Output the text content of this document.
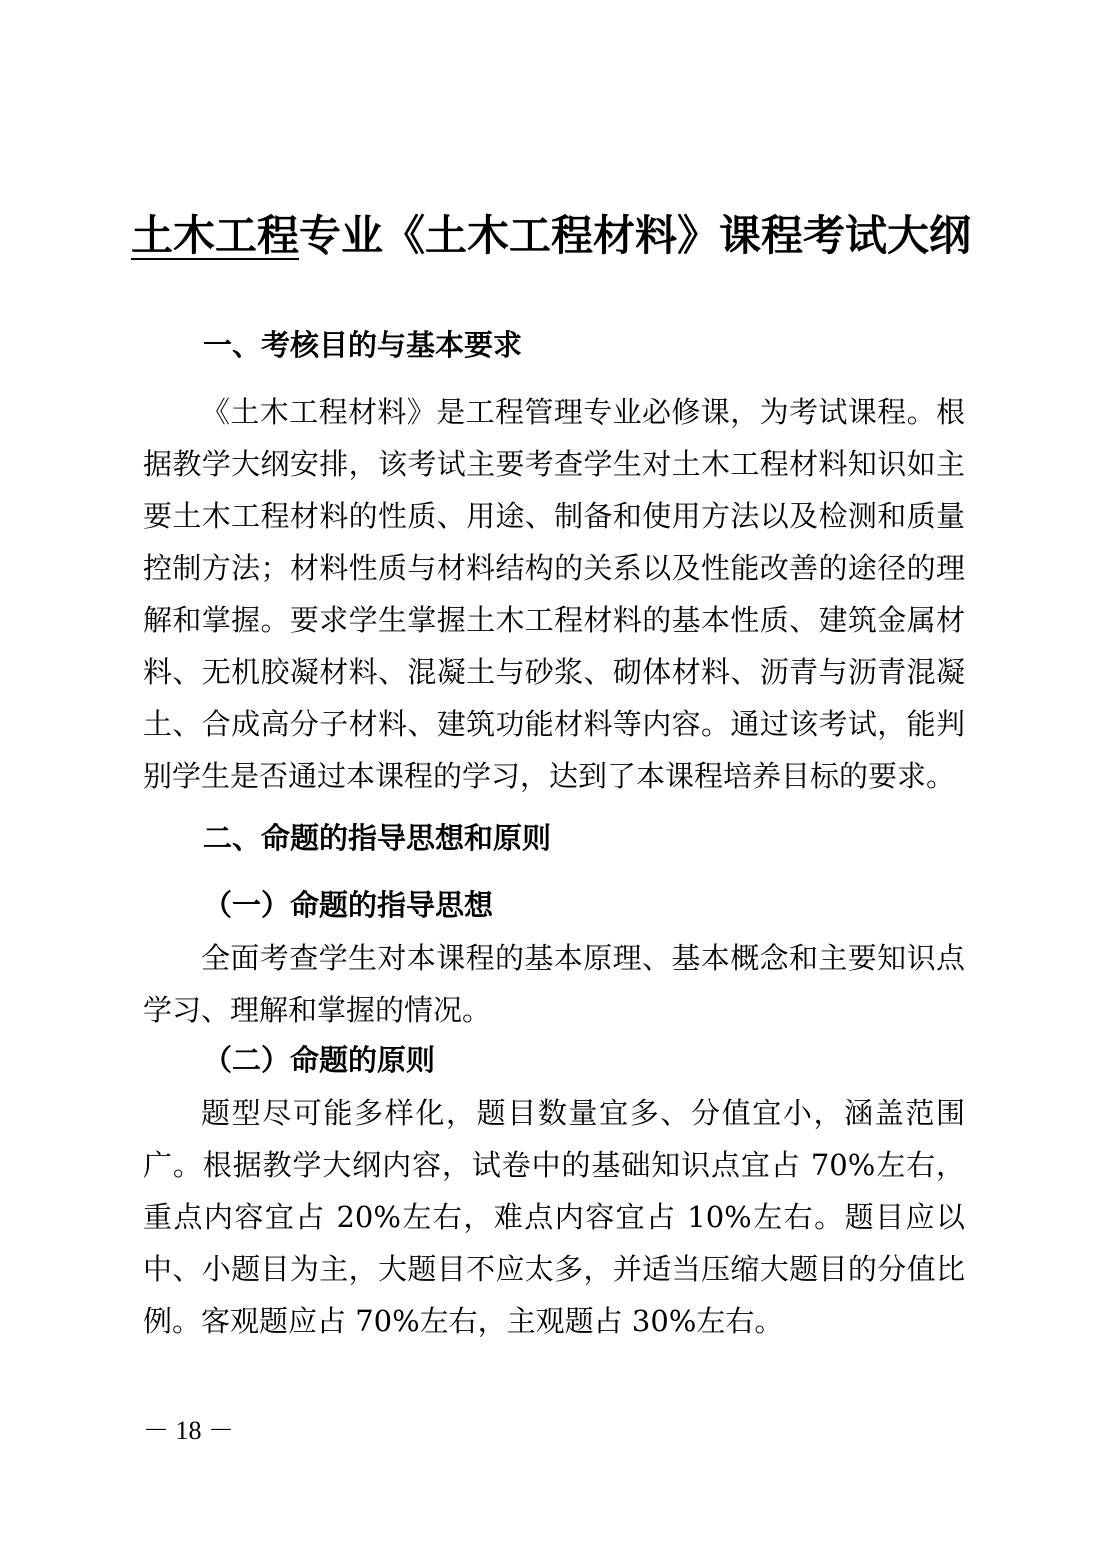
土木工程专业《土木工程材料》课程考试大纲
一、考核目的与基本要求

《土木工程材料》是工程管理专业必修课，为考试课程。根据教学大纲安排，该考试主要考查学生对土木工程材料知识如主要土木工程材料的性质、用途、制备和使用方法以及检测和质量控制方法；材料性质与材料结构的关系以及性能改善的途径的理解和掌握。要求学生掌握土木工程材料的基本性质、建筑金属材料、无机胶凝材料、混凝土与砂浆、砌体材料、沥青与沥青混凝土、合成高分子材料、建筑功能材料等内容。通过该考试，能判别学生是否通过本课程的学习，达到了本课程培养目标的要求。

二、命题的指导思想和原则
（一）命题的指导思想

全面考查学生对本课程的基本原理、基本概念和主要知识点学习、理解和掌握的情况。

（二）命题的原则

题型尽可能多样化，题目数量宜多、分值宜小，涵盖范围广。根据教学大纲内容，试卷中的基础知识点宜占 70%左右，重点内容宜占 20%左右，难点内容宜占 10%左右。题目应以中、小题目为主，大题目不应太多，并适当压缩大题目的分值比例。客观题应占 70%左右，主观题占 30%左右。

－ 18 －
